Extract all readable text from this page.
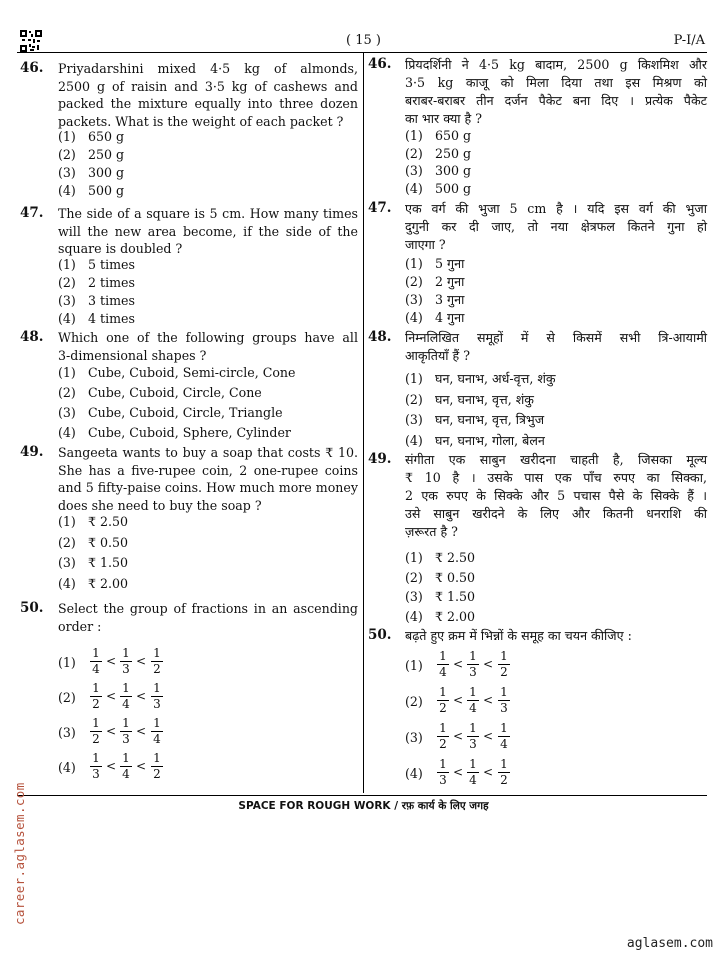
( 15 )	P-I/A
46. Priyadarshini mixed 4·5 kg of almonds,
2500 g of raisin and 3·5 kg of cashews and
packed the mixture equally into three dozen
packets. What is the weight of each packet ?
(1) 650 g
(2) 250 g
(3) 300 g
(4) 500 g
47. The side of a square is 5 cm. How many times
will the new area become, if the side of the
square is doubled ?
(1) 5 times
(2) 2 times
(3) 3 times
(4) 4 times
48. Which one of the following groups have all
3-dimensional shapes ?
(1) Cube, Cuboid, Semi-circle, Cone
(2) Cube, Cuboid, Circle, Cone
(3) Cube, Cuboid, Circle, Triangle
(4) Cube, Cuboid, Sphere, Cylinder
49. Sangeeta wants to buy a soap that costs ₹ 10.
She has a five-rupee coin, 2 one-rupee coins
and 5 fifty-paise coins. How much more money
does she need to buy the soap ?
(1) ₹ 2.50
(2) ₹ 0.50
(3) ₹ 1.50
(4) ₹ 2.00
50. Select the group of fractions in an ascending
order :
(1)
1
4
<
1
3
<
1
2
(2)
1
2
<
1
4
<
1
3
(3)
1
2
<
1
3
<
1
4
(4)
1
3
<
1
4
<
1
2
46. प्रियदर्शिनी ने 4·5 kg बादाम, 2500 g किशमिश और
3·5 kg काजू को मिला दिया तथा इस मिश्रण को
बराबर-बराबर तीन दर्जन पैकेट बना दिए । प्रत्येक पैकेट
का भार क्या है ?
(1) 650 g
(2) 250 g
(3) 300 g
(4) 500 g
47. एक वर्ग की भुजा 5 cm है । यदि इस वर्ग की भुजा
दुगुनी कर दी जाए, तो नया क्षेत्रफल कितने गुना हो
जाएगा ?
(1) 5 गुना
(2) 2 गुना
(3) 3 गुना
(4) 4 गुना
48. निम्नलिखित समूहों में से किसमें सभी त्रि-आयामी
आकृतियाँ हैं ?
(1) घन, घनाभ, अर्ध-वृत्त, शंकु
(2) घन, घनाभ, वृत्त, शंकु
(3) घन, घनाभ, वृत्त, त्रिभुज
(4) घन, घनाभ, गोला, बेलन
49. संगीता एक साबुन खरीदना चाहती है, जिसका मूल्य
₹ 10 है । उसके पास एक पाँच रुपए का सिक्का,
2 एक रुपए के सिक्के और 5 पचास पैसे के सिक्के हैं ।
उसे साबुन खरीदने के लिए और कितनी धनराशि की
ज़रूरत है ?
(1) ₹ 2.50
(2) ₹ 0.50
(3) ₹ 1.50
(4) ₹ 2.00
50. बढ़ते हुए क्रम में भिन्नों के समूह का चयन कीजिए :
(1)
1
4
<
1
3
<
1
2
(2)
1
2
<
1
4
<
1
3
(3)
1
2
<
1
3
<
1
4
(4)
1
3
<
1
4
<
1
2
SPACE FOR ROUGH WORK / रफ़ कार्य के लिए जगह
career.aglasem.com
aglasem.com
